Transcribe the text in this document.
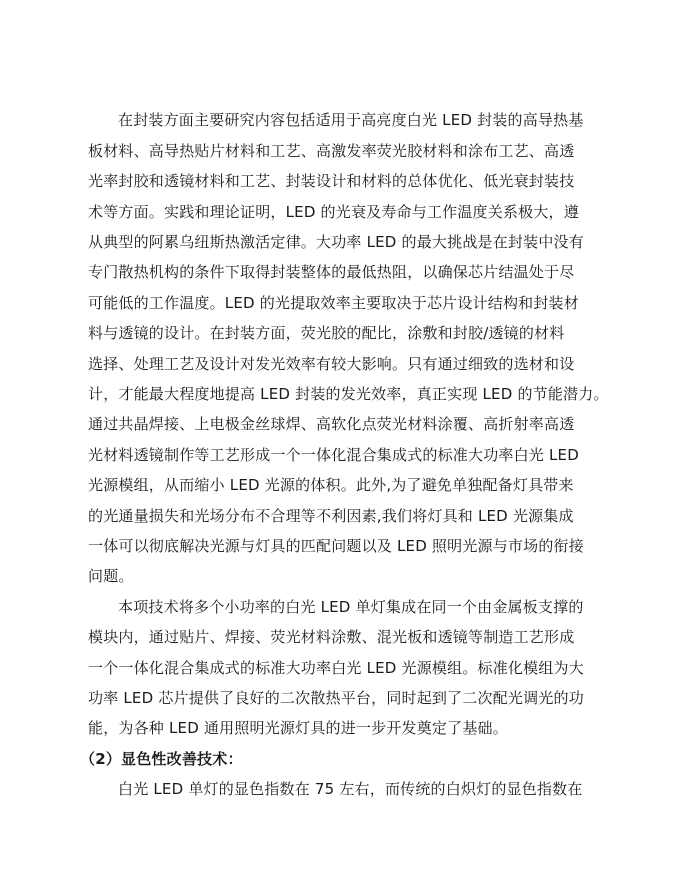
在封装方面主要研究内容包括适用于高亮度白光 LED 封装的高导热基
板材料、高导热贴片材料和工艺、高激发率荧光胶材料和涂布工艺、高透
光率封胶和透镜材料和工艺、封装设计和材料的总体优化、低光衰封装技
术等方面。实践和理论证明，LED 的光衰及寿命与工作温度关系极大，遵
从典型的阿累乌纽斯热激活定律。大功率 LED 的最大挑战是在封装中没有
专门散热机构的条件下取得封装整体的最低热阻，以确保芯片结温处于尽
可能低的工作温度。LED 的光提取效率主要取决于芯片设计结构和封装材
料与透镜的设计。在封装方面，荧光胶的配比，涂敷和封胶/透镜的材料
选择、处理工艺及设计对发光效率有较大影响。只有通过细致的选材和设
计，才能最大程度地提高 LED 封装的发光效率，真正实现 LED 的节能潜力。
通过共晶焊接、上电极金丝球焊、高软化点荧光材料涂覆、高折射率高透
光材料透镜制作等工艺形成一个一体化混合集成式的标准大功率白光 LED
光源模组，从而缩小 LED 光源的体积。此外,为了避免单独配备灯具带来
的光通量损失和光场分布不合理等不利因素,我们将灯具和 LED 光源集成
一体可以彻底解决光源与灯具的匹配问题以及 LED 照明光源与市场的衔接
问题。
本项技术将多个小功率的白光 LED 单灯集成在同一个由金属板支撑的
模块内，通过贴片、焊接、荧光材料涂敷、混光板和透镜等制造工艺形成
一个一体化混合集成式的标准大功率白光 LED 光源模组。标准化模组为大
功率 LED 芯片提供了良好的二次散热平台，同时起到了二次配光调光的功
能，为各种 LED 通用照明光源灯具的进一步开发奠定了基础。
（2）显色性改善技术：
白光 LED 单灯的显色指数在 75 左右，而传统的白炽灯的显色指数在
